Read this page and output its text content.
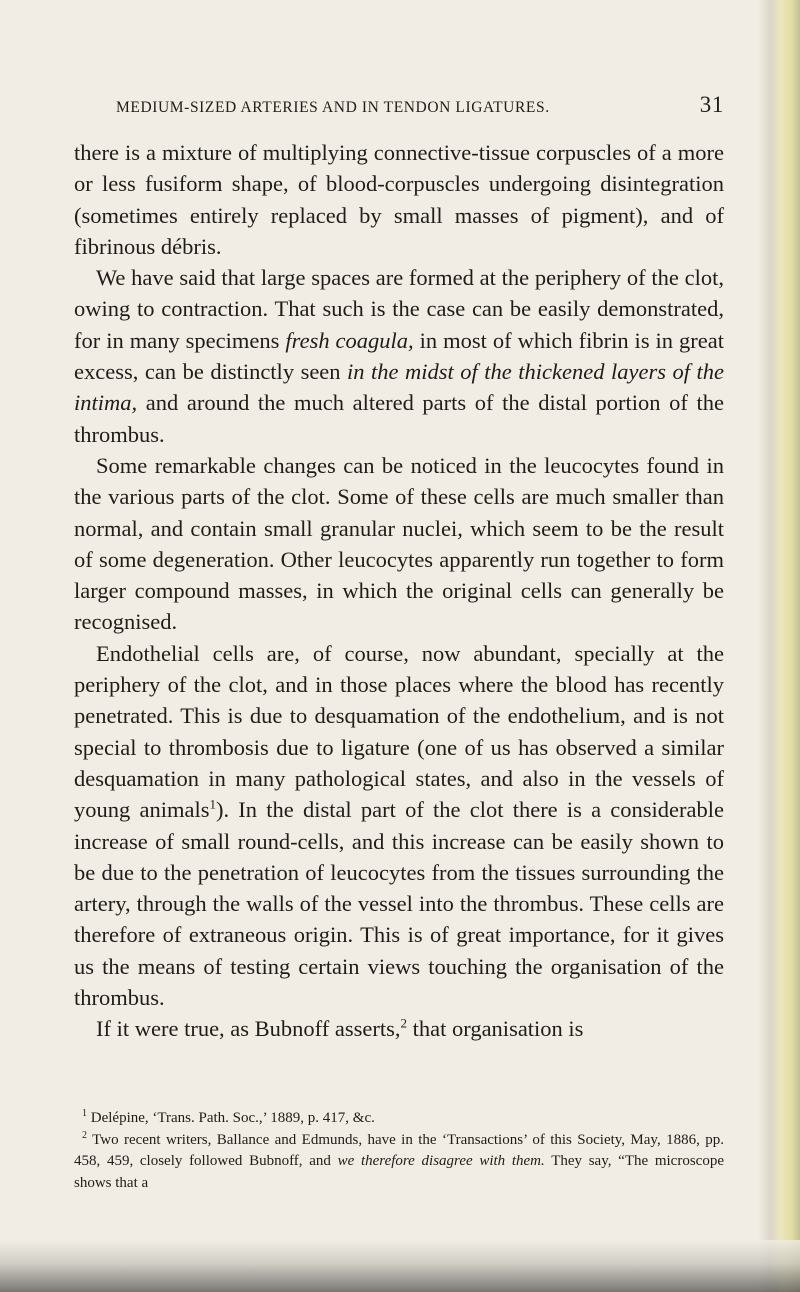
MEDIUM-SIZED ARTERIES AND IN TENDON LIGATURES.	31

there is a mixture of multiplying connective-tissue corpuscles of a more or less fusiform shape, of blood-corpuscles undergoing disintegration (sometimes entirely replaced by small masses of pigment), and of fibrinous débris.

We have said that large spaces are formed at the periphery of the clot, owing to contraction. That such is the case can be easily demonstrated, for in many specimens fresh coagula, in most of which fibrin is in great excess, can be distinctly seen in the midst of the thickened layers of the intima, and around the much altered parts of the distal portion of the thrombus.

Some remarkable changes can be noticed in the leucocytes found in the various parts of the clot. Some of these cells are much smaller than normal, and contain small granular nuclei, which seem to be the result of some degeneration. Other leucocytes apparently run together to form larger compound masses, in which the original cells can generally be recognised.

Endothelial cells are, of course, now abundant, specially at the periphery of the clot, and in those places where the blood has recently penetrated. This is due to desquamation of the endothelium, and is not special to thrombosis due to ligature (one of us has observed a similar desquamation in many pathological states, and also in the vessels of young animals$^1$). In the distal part of the clot there is a considerable increase of small round-cells, and this increase can be easily shown to be due to the penetration of leucocytes from the tissues surrounding the artery, through the walls of the vessel into the thrombus. These cells are therefore of extraneous origin. This is of great importance, for it gives us the means of testing certain views touching the organisation of the thrombus.

If it were true, as Bubnoff asserts,$^2$ that organisation is

$^1$ Delépine, ‘Trans. Path. Soc.,’ 1889, p. 417, &c.

$^2$ Two recent writers, Ballance and Edmunds, have in the ‘Transactions’ of this Society, May, 1886, pp. 458, 459, closely followed Bubnoff, and we therefore disagree with them. They say, “The microscope shows that a
